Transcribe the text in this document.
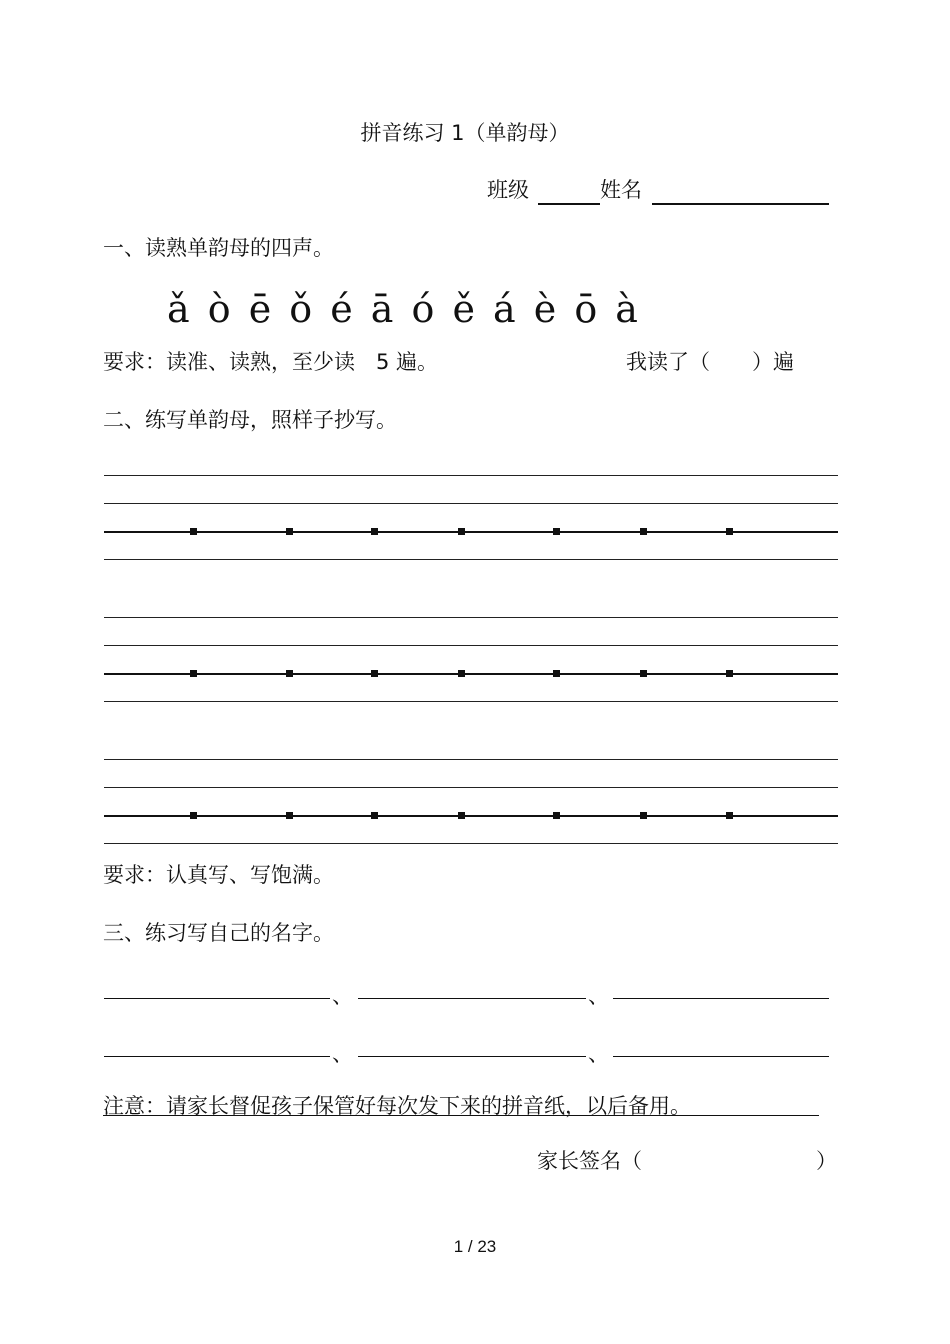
拼音练习 1（单韵母）
班级	姓名
一、读熟单韵母的四声。
ǎ ò ē ǒ é ā ó ě á è ō à
要求：读准、读熟，至少读　5 遍。	我读了（　　）遍
二、练写单韵母，照样子抄写。
要求：认真写、写饱满。
三、练习写自己的名字。
、	、
、	、
注意：请家长督促孩子保管好每次发下来的拼音纸，以后备用。
家长签名（	）
1 / 23
